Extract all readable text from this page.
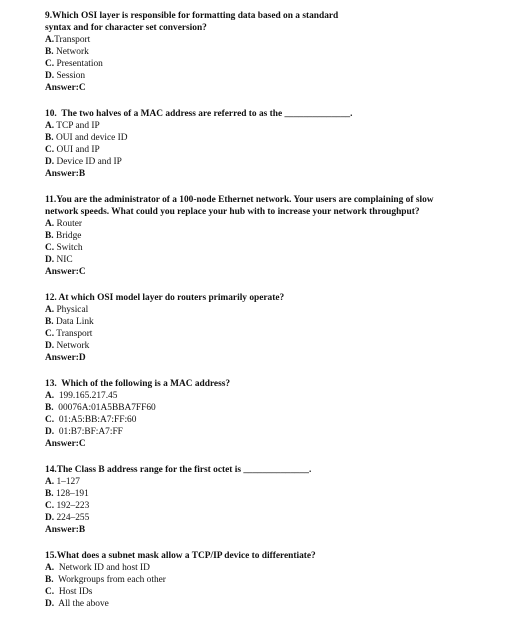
9.Which OSI layer is responsible for formatting data based on a standard

syntax and for character set conversion?

A.Transport

B. Network

C. Presentation

D. Session

Answer:C

10.  The two halves of a MAC address are referred to as the ______________.

A. TCP and IP

B. OUI and device ID

C. OUI and IP

D. Device ID and IP

Answer:B

11.You are the administrator of a 100-node Ethernet network. Your users are complaining of slow

network speeds. What could you replace your hub with to increase your network throughput?

A. Router

B. Bridge

C. Switch

D. NIC

Answer:C

12. At which OSI model layer do routers primarily operate?

A. Physical

B. Data Link

C. Transport

D. Network

Answer:D

13.  Which of the following is a MAC address?

A.  199.165.217.45

B.  00076A:01A5BBA7FF60

C.  01:A5:BB:A7:FF:60

D.  01:B7:BF:A7:FF

Answer:C

14.The Class B address range for the first octet is ______________.

A. 1–127

B. 128–191

C. 192–223

D. 224–255

Answer:B

15.What does a subnet mask allow a TCP/IP device to differentiate?

A.  Network ID and host ID

B.  Workgroups from each other

C.  Host IDs

D.  All the above
